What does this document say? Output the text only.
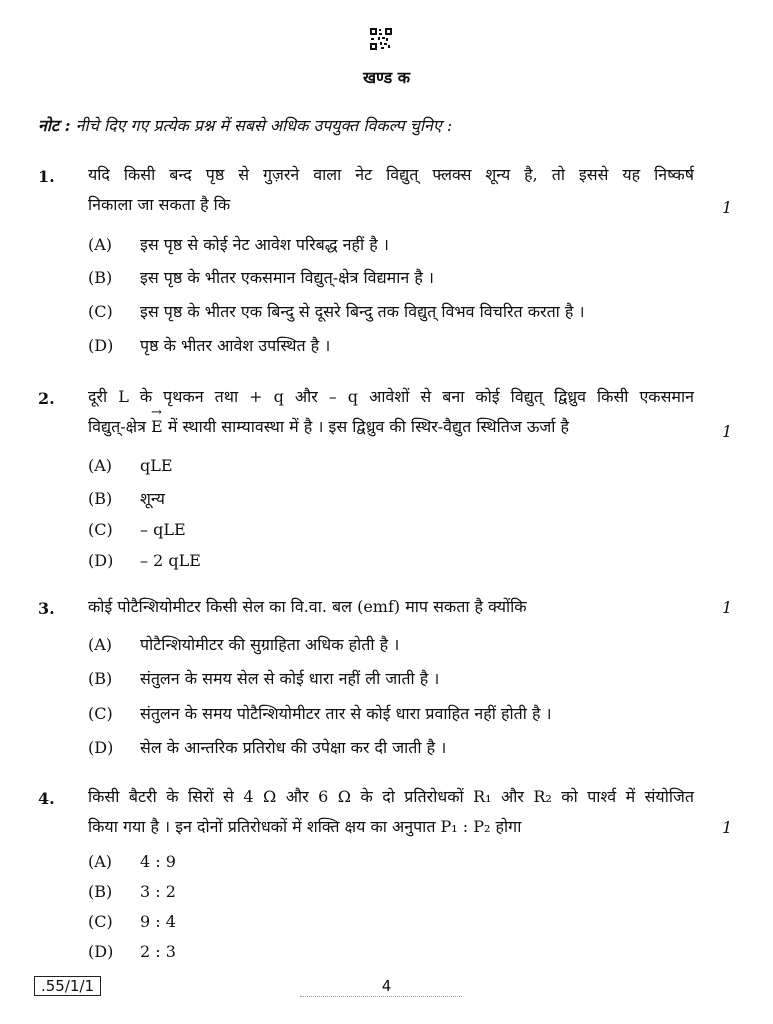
खण्ड क
नोट : नीचे दिए गए प्रत्येक प्रश्न में सबसे अधिक उपयुक्त विकल्प चुनिए :
1. यदि किसी बन्द पृष्ठ से गुज़रने वाला नेट विद्युत् फ्लक्स शून्य है, तो इससे यह निष्कर्ष
निकाला जा सकता है कि	1
(A) इस पृष्ठ से कोई नेट आवेश परिबद्ध नहीं है ।
(B) इस पृष्ठ के भीतर एकसमान विद्युत्-क्षेत्र विद्यमान है ।
(C) इस पृष्ठ के भीतर एक बिन्दु से दूसरे बिन्दु तक विद्युत् विभव विचरित करता है ।
(D) पृष्ठ के भीतर आवेश उपस्थित है ।
2. दूरी L के पृथकन तथा + q और – q आवेशों से बना कोई विद्युत् द्विध्रुव किसी एकसमान
विद्युत्-क्षेत्र → E में स्थायी साम्यावस्था में है । इस द्विध्रुव की स्थिर-वैद्युत स्थितिज ऊर्जा है	1
(A) qLE
(B) शून्य
(C) – qLE
(D) – 2 qLE
3. कोई पोटैन्शियोमीटर किसी सेल का वि.वा. बल (emf) माप सकता है क्योंकि	1
(A) पोटैन्शियोमीटर की सुग्राहिता अधिक होती है ।
(B) संतुलन के समय सेल से कोई धारा नहीं ली जाती है ।
(C) संतुलन के समय पोटैन्शियोमीटर तार से कोई धारा प्रवाहित नहीं होती है ।
(D) सेल के आन्तरिक प्रतिरोध की उपेक्षा कर दी जाती है ।
4. किसी बैटरी के सिरों से 4 Ω और 6 Ω के दो प्रतिरोधकों R₁ और R₂ को पार्श्व में संयोजित
किया गया है । इन दोनों प्रतिरोधकों में शक्ति क्षय का अनुपात P₁ : P₂ होगा	1
(A) 4 : 9
(B) 3 : 2
(C) 9 : 4
(D) 2 : 3
.55/1/1	4
